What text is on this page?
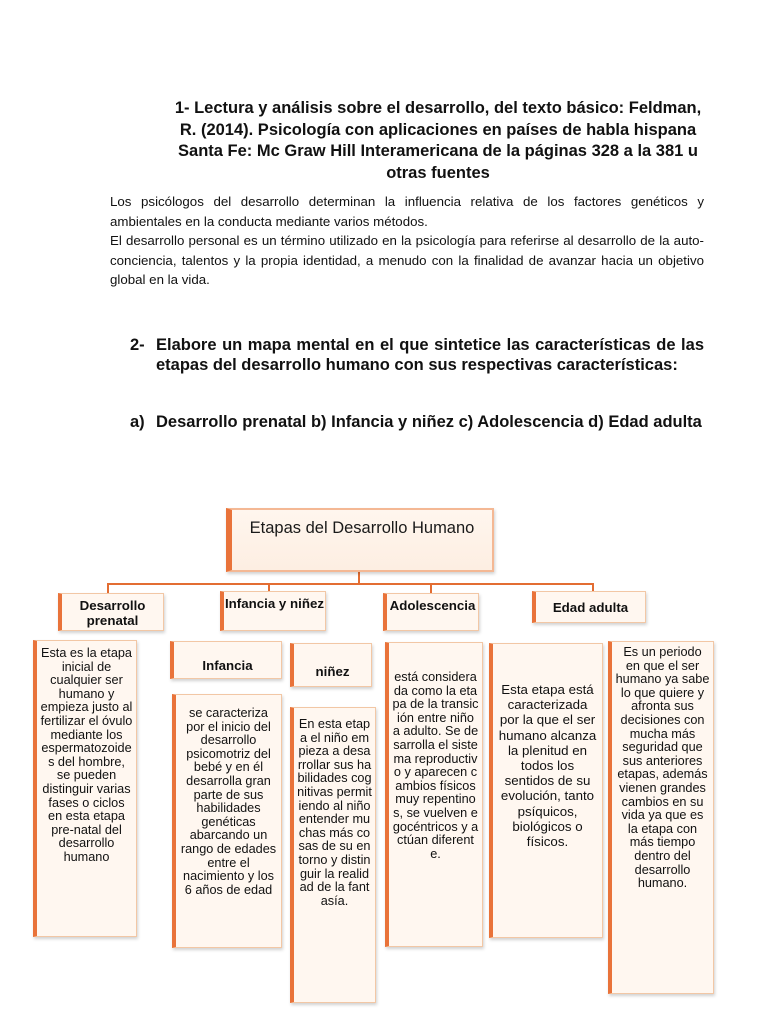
1- Lectura y análisis sobre el desarrollo, del texto básico: Feldman, R. (2014). Psicología con aplicaciones en países de habla hispana Santa Fe: Mc Graw Hill Interamericana de la páginas 328 a la 381 u otras fuentes

Los psicólogos del desarrollo determinan la influencia relativa de los factores genéticos y ambientales en la conducta mediante varios métodos.

El desarrollo personal es un término utilizado en la psicología para referirse al desarrollo de la auto-conciencia, talentos y la propia identidad, a menudo con la finalidad de avanzar hacia un objetivo global en la vida.

2- Elabore un mapa mental en el que sintetice las características de las etapas del desarrollo humano con sus respectivas características:
a) Desarrollo prenatal b) Infancia y niñez c) Adolescencia d) Edad adulta
Etapas del Desarrollo Humano
Desarrollo prenatal
Infancia y niñez	Adolescencia	Edad adulta
Esta es la etapa inicial de cualquier ser humano y empieza justo al fertilizar el óvulo mediante los espermatozoides del hombre, se pueden distinguir varias fases o ciclos en esta etapa pre-natal del desarrollo humano
Infancia	niñez
se caracteriza por el inicio del desarrollo psicomotriz del bebé y en él desarrolla gran parte de sus habilidades genéticas abarcando un rango de edades entre el nacimiento y los 6 años de edad
En esta etapa el niño empieza a desarrollar sus habilidades cognitivas permitiendo al niño entender muchas más cosas de su entorno y distinguir la realidad de la fantasía.
está considerada como la etapa de la transición entre niño a adulto. Se desarrolla el sistema reproductivo y aparecen cambios físicos muy repentinos, se vuelven egocéntricos y actúan diferente.
Esta etapa está caracterizada por la que el ser humano alcanza la plenitud en todos los sentidos de su evolución, tanto psíquicos, biológicos o físicos.
Es un periodo en que el ser humano ya sabe lo que quiere y afronta sus decisiones con mucha más seguridad que sus anteriores etapas, además vienen grandes cambios en su vida ya que es la etapa con más tiempo dentro del desarrollo humano.
